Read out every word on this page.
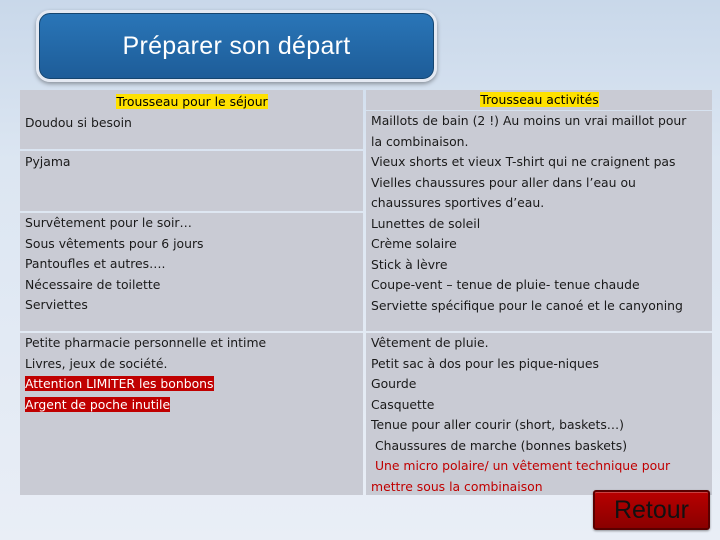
Préparer son départ
Trousseau pour le séjour
Doudou si besoin
Pyjama
Survêtement pour le soir…
Sous vêtements pour 6 jours
Pantoufles et autres….
Nécessaire de toilette
Serviettes
Petite pharmacie personnelle et intime
Livres, jeux de société.
Attention LIMITER les bonbons
Argent de poche inutile
Trousseau activités
Maillots de bain (2 !) Au moins un vrai maillot pour
la combinaison.
Vieux shorts et vieux T-shirt qui ne craignent pas
Vielles chaussures pour aller dans l’eau ou
chaussures sportives d’eau.
Lunettes de soleil
Crème solaire
Stick à lèvre
Coupe-vent – tenue de pluie- tenue chaude
Serviette spécifique pour le canoé et le canyoning
Vêtement de pluie.
Petit sac à dos pour les pique-niques
Gourde
Casquette
Tenue pour aller courir (short, baskets…)
Chaussures de marche (bonnes baskets)
Une micro polaire/ un vêtement technique pour
mettre sous la combinaison
Retour
